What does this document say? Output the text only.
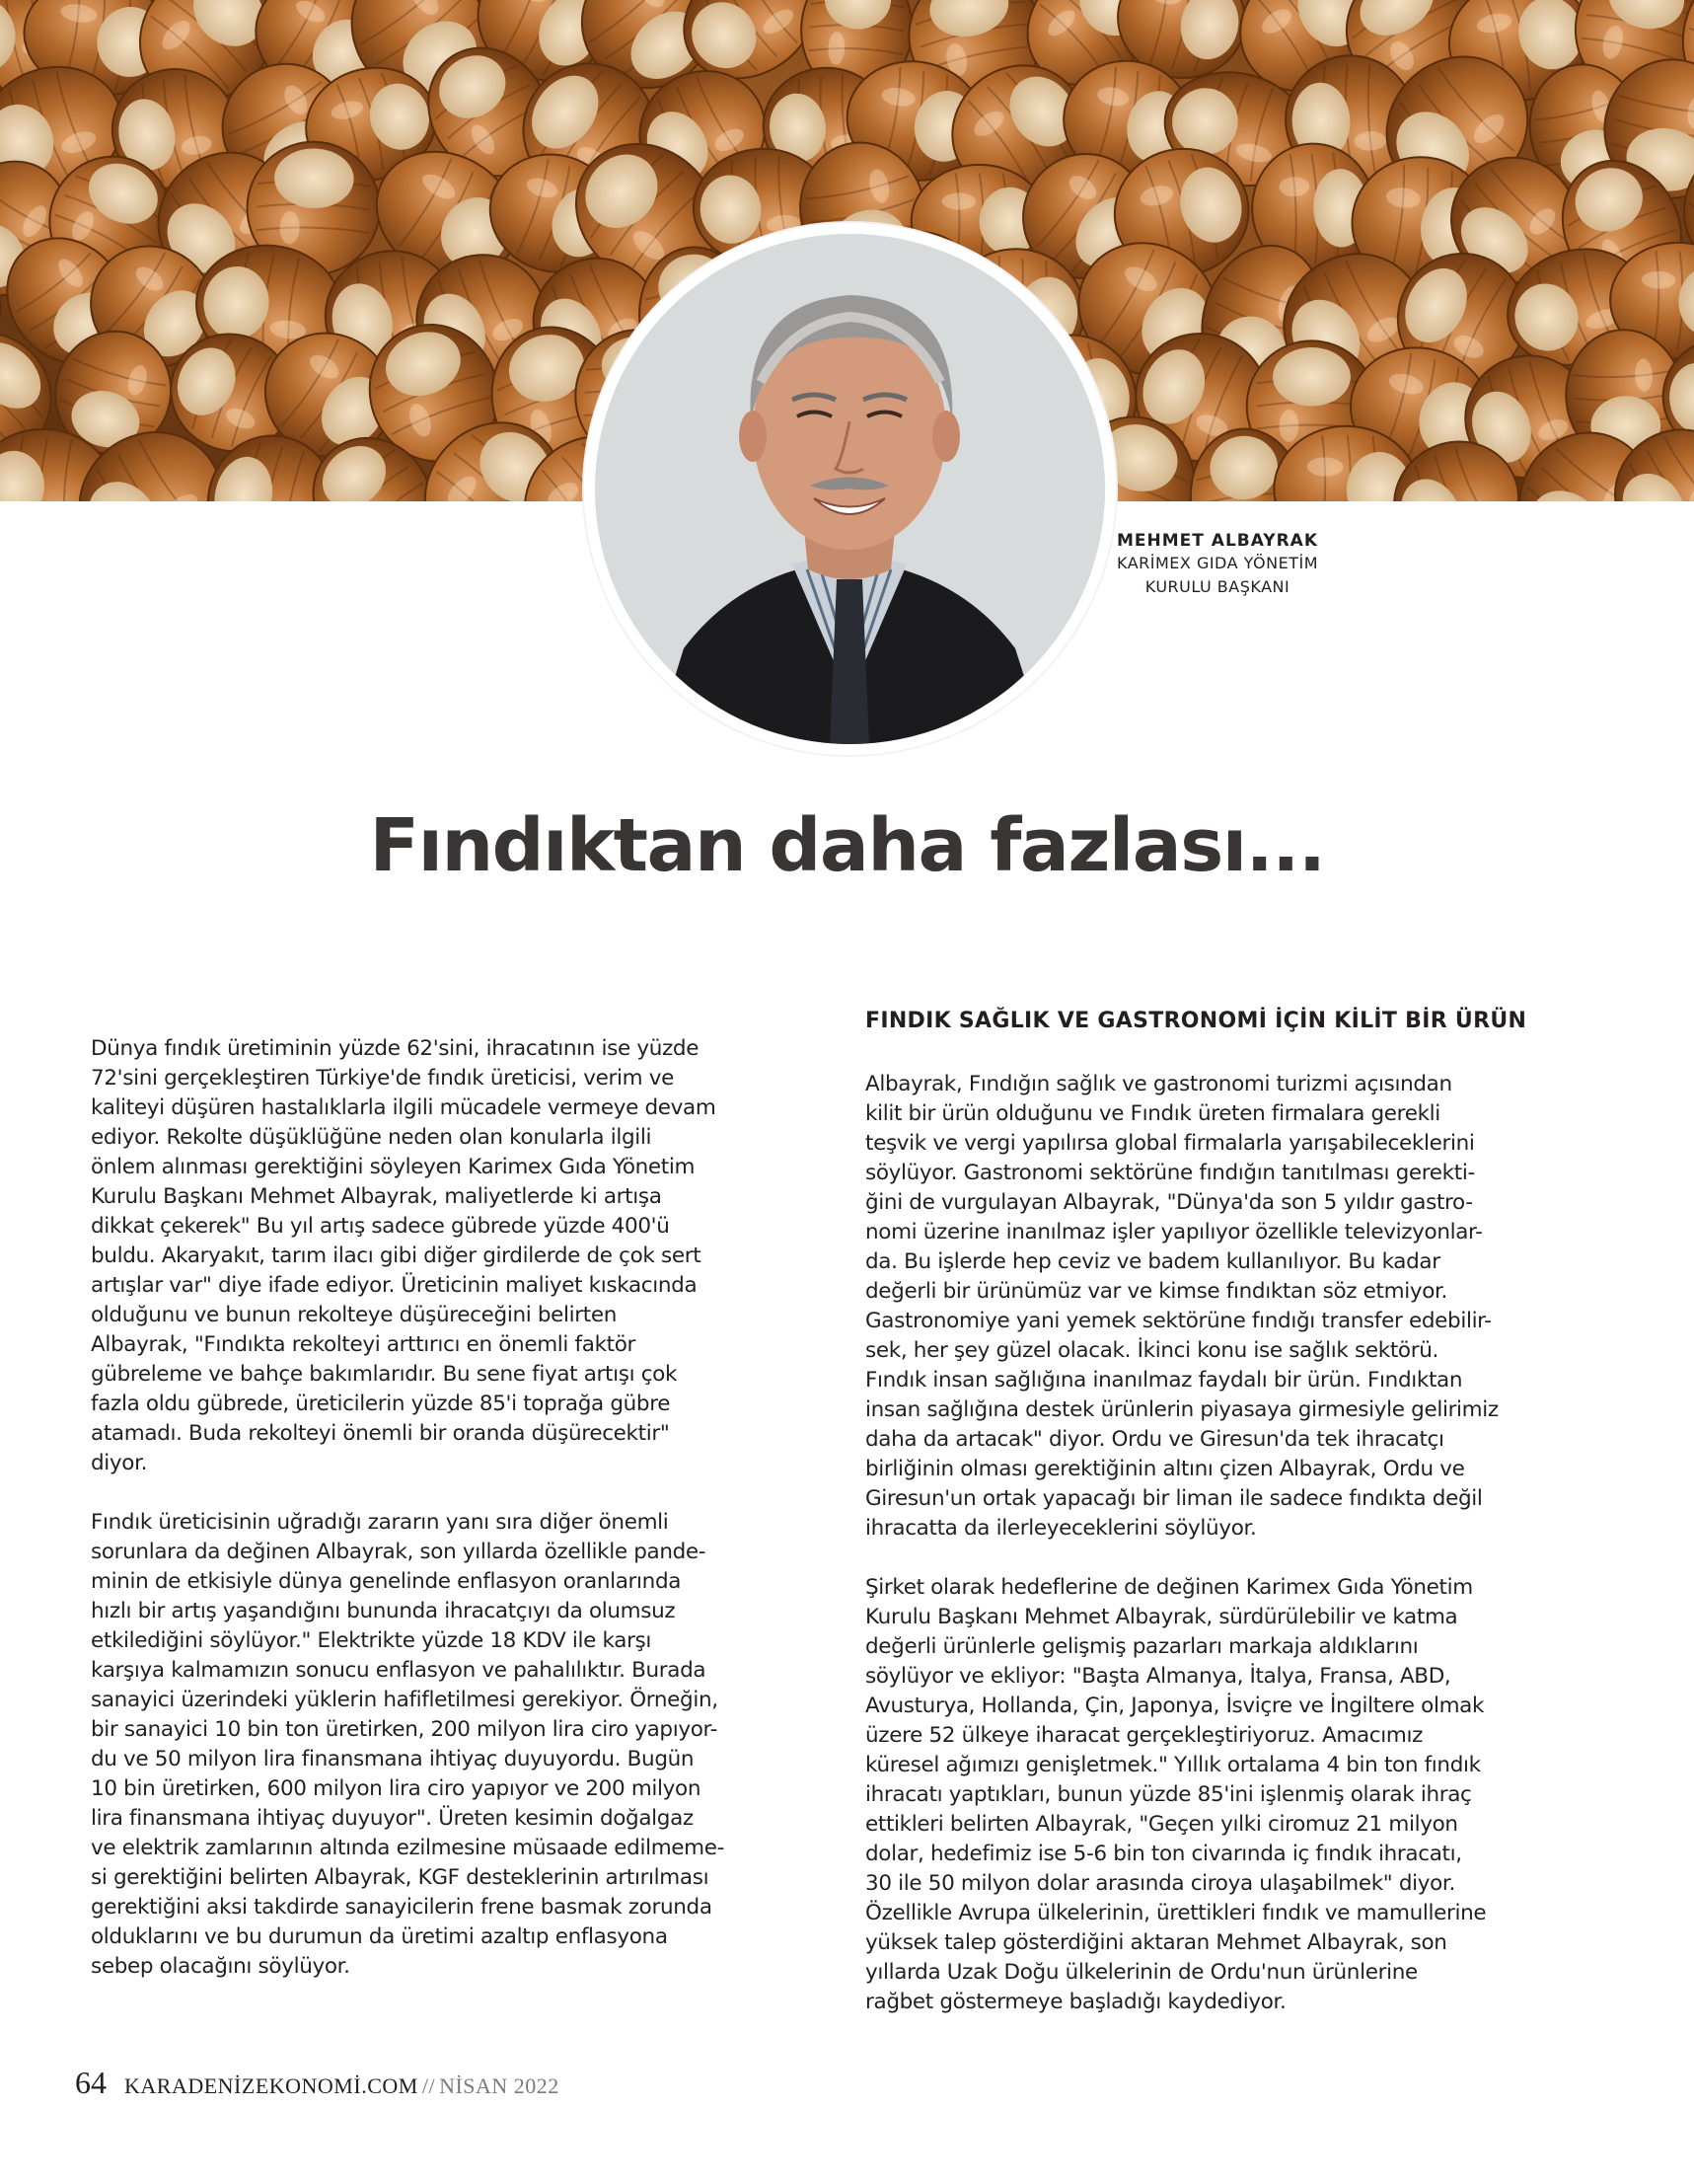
MEHMET ALBAYRAK
KARİMEX GIDA YÖNETİM
KURULU BAŞKANI
Fındıktan daha fazlası...

Dünya fındık üretiminin yüzde 62'sini, ihracatının ise yüzde
72'sini gerçekleştiren Türkiye'de fındık üreticisi, verim ve
kaliteyi düşüren hastalıklarla ilgili mücadele vermeye devam
ediyor. Rekolte düşüklüğüne neden olan konularla ilgili
önlem alınması gerektiğini söyleyen Karimex Gıda Yönetim
Kurulu Başkanı Mehmet Albayrak, maliyetlerde ki artışa
dikkat çekerek" Bu yıl artış sadece gübrede yüzde 400'ü
buldu. Akaryakıt, tarım ilacı gibi diğer girdilerde de çok sert
artışlar var" diye ifade ediyor. Üreticinin maliyet kıskacında
olduğunu ve bunun rekolteye düşüreceğini belirten
Albayrak, "Fındıkta rekolteyi arttırıcı en önemli faktör
gübreleme ve bahçe bakımlarıdır. Bu sene fiyat artışı çok
fazla oldu gübrede, üreticilerin yüzde 85'i toprağa gübre
atamadı. Buda rekolteyi önemli bir oranda düşürecektir"
diyor.

Fındık üreticisinin uğradığı zararın yanı sıra diğer önemli
sorunlara da değinen Albayrak, son yıllarda özellikle pande-
minin de etkisiyle dünya genelinde enflasyon oranlarında
hızlı bir artış yaşandığını bununda ihracatçıyı da olumsuz
etkilediğini söylüyor." Elektrikte yüzde 18 KDV ile karşı
karşıya kalmamızın sonucu enflasyon ve pahalılıktır. Burada
sanayici üzerindeki yüklerin hafifletilmesi gerekiyor. Örneğin,
bir sanayici 10 bin ton üretirken, 200 milyon lira ciro yapıyor-
du ve 50 milyon lira finansmana ihtiyaç duyuyordu. Bugün
10 bin üretirken, 600 milyon lira ciro yapıyor ve 200 milyon
lira finansmana ihtiyaç duyuyor". Üreten kesimin doğalgaz
ve elektrik zamlarının altında ezilmesine müsaade edilmeme-
si gerektiğini belirten Albayrak, KGF desteklerinin artırılması
gerektiğini aksi takdirde sanayicilerin frene basmak zorunda
olduklarını ve bu durumun da üretimi azaltıp enflasyona
sebep olacağını söylüyor.

FINDIK SAĞLIK VE GASTRONOMİ İÇİN KİLİT BİR ÜRÜN

Albayrak, Fındığın sağlık ve gastronomi turizmi açısından
kilit bir ürün olduğunu ve Fındık üreten firmalara gerekli
teşvik ve vergi yapılırsa global firmalarla yarışabileceklerini
söylüyor. Gastronomi sektörüne fındığın tanıtılması gerekti-
ğini de vurgulayan Albayrak, "Dünya'da son 5 yıldır gastro-
nomi üzerine inanılmaz işler yapılıyor özellikle televizyonlar-
da. Bu işlerde hep ceviz ve badem kullanılıyor. Bu kadar
değerli bir ürünümüz var ve kimse fındıktan söz etmiyor.
Gastronomiye yani yemek sektörüne fındığı transfer edebilir-
sek, her şey güzel olacak. İkinci konu ise sağlık sektörü.
Fındık insan sağlığına inanılmaz faydalı bir ürün. Fındıktan
insan sağlığına destek ürünlerin piyasaya girmesiyle gelirimiz
daha da artacak" diyor. Ordu ve Giresun'da tek ihracatçı
birliğinin olması gerektiğinin altını çizen Albayrak, Ordu ve
Giresun'un ortak yapacağı bir liman ile sadece fındıkta değil
ihracatta da ilerleyeceklerini söylüyor.

Şirket olarak hedeflerine de değinen Karimex Gıda Yönetim
Kurulu Başkanı Mehmet Albayrak, sürdürülebilir ve katma
değerli ürünlerle gelişmiş pazarları markaja aldıklarını
söylüyor ve ekliyor: "Başta Almanya, İtalya, Fransa, ABD,
Avusturya, Hollanda, Çin, Japonya, İsviçre ve İngiltere olmak
üzere 52 ülkeye iharacat gerçekleştiriyoruz. Amacımız
küresel ağımızı genişletmek." Yıllık ortalama 4 bin ton fındık
ihracatı yaptıkları, bunun yüzde 85'ini işlenmiş olarak ihraç
ettikleri belirten Albayrak, "Geçen yılki ciromuz 21 milyon
dolar, hedefimiz ise 5-6 bin ton civarında iç fındık ihracatı,
30 ile 50 milyon dolar arasında ciroya ulaşabilmek" diyor.
Özellikle Avrupa ülkelerinin, ürettikleri fındık ve mamullerine
yüksek talep gösterdiğini aktaran Mehmet Albayrak, son
yıllarda Uzak Doğu ülkelerinin de Ordu'nun ürünlerine
rağbet göstermeye başladığı kaydediyor.

64 KARADENİZEKONOMİ.COM // NİSAN 2022
